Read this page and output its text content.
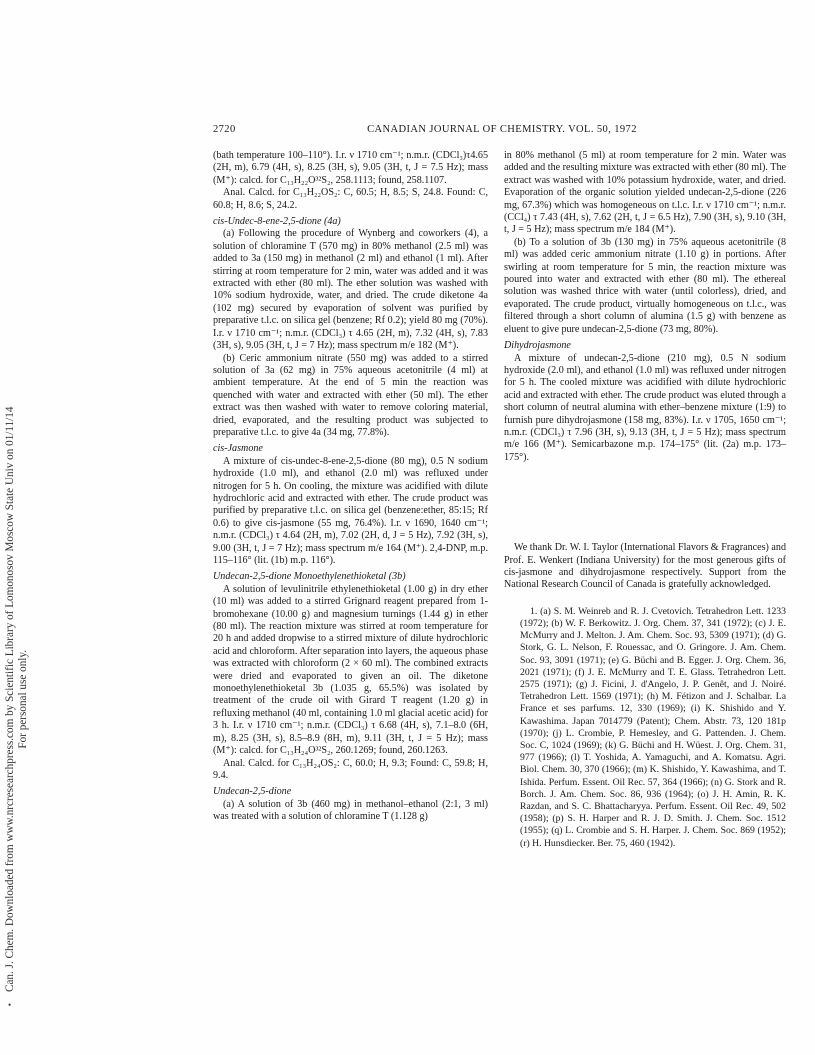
Can. J. Chem. Downloaded from www.nrcresearchpress.com by Scientific Library of Lomonosov Moscow State Univ on 01/11/14 For personal use only.
•
2720	CANADIAN JOURNAL OF CHEMISTRY. VOL. 50, 1972

(bath temperature 100–110°). I.r. ν 1710 cm⁻¹; n.m.r. (CDCl₃)τ4.65 (2H, m), 6.79 (4H, s), 8.25 (3H, s), 9.05 (3H, t, J = 7.5 Hz); mass (M⁺): calcd. for C₁₃H₂₂O³²S₂, 258.1113; found, 258.1107.

Anal. Calcd. for C₁₃H₂₂OS₂: C, 60.5; H, 8.5; S, 24.8. Found: C, 60.8; H, 8.6; S, 24.2.

cis-Undec-8-ene-2,5-dione (4a)

(a) Following the procedure of Wynberg and coworkers (4), a solution of chloramine T (570 mg) in 80% methanol (2.5 ml) was added to 3a (150 mg) in methanol (2 ml) and ethanol (1 ml). After stirring at room temperature for 2 min, water was added and it was extracted with ether (80 ml). The ether solution was washed with 10% sodium hydroxide, water, and dried. The crude diketone 4a (102 mg) secured by evaporation of solvent was purified by preparative t.l.c. on silica gel (benzene; Rf 0.2); yield 80 mg (70%). I.r. ν 1710 cm⁻¹; n.m.r. (CDCl₃) τ 4.65 (2H, m), 7.32 (4H, s), 7.83 (3H, s), 9.05 (3H, t, J = 7 Hz); mass spectrum m/e 182 (M⁺).

(b) Ceric ammonium nitrate (550 mg) was added to a stirred solution of 3a (62 mg) in 75% aqueous acetonitrile (4 ml) at ambient temperature. At the end of 5 min the reaction was quenched with water and extracted with ether (50 ml). The ether extract was then washed with water to remove coloring material, dried, evaporated, and the resulting product was subjected to preparative t.l.c. to give 4a (34 mg, 77.8%).

cis-Jasmone

A mixture of cis-undec-8-ene-2,5-dione (80 mg), 0.5 N sodium hydroxide (1.0 ml), and ethanol (2.0 ml) was refluxed under nitrogen for 5 h. On cooling, the mixture was acidified with dilute hydrochloric acid and extracted with ether. The crude product was purified by preparative t.l.c. on silica gel (benzene:ether, 85:15; Rf 0.6) to give cis-jasmone (55 mg, 76.4%). I.r. ν 1690, 1640 cm⁻¹; n.m.r. (CDCl₃) τ 4.64 (2H, m), 7.02 (2H, d, J = 5 Hz), 7.92 (3H, s), 9.00 (3H, t, J = 7 Hz); mass spectrum m/e 164 (M⁺). 2,4-DNP, m.p. 115–116° (lit. (1b) m.p. 116°).

Undecan-2,5-dione Monoethylenethioketal (3b)

A solution of levulinitrile ethylenethioketal (1.00 g) in dry ether (10 ml) was added to a stirred Grignard reagent prepared from 1-bromohexane (10.00 g) and magnesium turnings (1.44 g) in ether (80 ml). The reaction mixture was stirred at room temperature for 20 h and added dropwise to a stirred mixture of dilute hydrochloric acid and chloroform. After separation into layers, the aqueous phase was extracted with chloroform (2 × 60 ml). The combined extracts were dried and evaporated to given an oil. The diketone monoethylenethioketal 3b (1.035 g, 65.5%) was isolated by treatment of the crude oil with Girard T reagent (1.20 g) in refluxing methanol (40 ml, containing 1.0 ml glacial acetic acid) for 3 h. I.r. ν 1710 cm⁻¹; n.m.r. (CDCl₃) τ 6.68 (4H, s), 7.1–8.0 (6H, m), 8.25 (3H, s), 8.5–8.9 (8H, m), 9.11 (3H, t, J = 5 Hz); mass (M⁺): calcd. for C₁₃H₂₄O³²S₂, 260.1269; found, 260.1263.

Anal. Calcd. for C₁₃H₂₄OS₂: C, 60.0; H, 9.3; Found: C, 59.8; H, 9.4.

Undecan-2,5-dione

(a) A solution of 3b (460 mg) in methanol–ethanol (2:1, 3 ml) was treated with a solution of chloramine T (1.128 g)

in 80% methanol (5 ml) at room temperature for 2 min. Water was added and the resulting mixture was extracted with ether (80 ml). The extract was washed with 10% potassium hydroxide, water, and dried. Evaporation of the organic solution yielded undecan-2,5-dione (226 mg, 67.3%) which was homogeneous on t.l.c. I.r. ν 1710 cm⁻¹; n.m.r. (CCl₄) τ 7.43 (4H, s), 7.62 (2H, t, J = 6.5 Hz), 7.90 (3H, s), 9.10 (3H, t, J = 5 Hz); mass spectrum m/e 184 (M⁺).

(b) To a solution of 3b (130 mg) in 75% aqueous acetonitrile (8 ml) was added ceric ammonium nitrate (1.10 g) in portions. After swirling at room temperature for 5 min, the reaction mixture was poured into water and extracted with ether (80 ml). The ethereal solution was washed thrice with water (until colorless), dried, and evaporated. The crude product, virtually homogeneous on t.l.c., was filtered through a short column of alumina (1.5 g) with benzene as eluent to give pure undecan-2,5-dione (73 mg, 80%).

Dihydrojasmone

A mixture of undecan-2,5-dione (210 mg), 0.5 N sodium hydroxide (2.0 ml), and ethanol (1.0 ml) was refluxed under nitrogen for 5 h. The cooled mixture was acidified with dilute hydrochloric acid and extracted with ether. The crude product was eluted through a short column of neutral alumina with ether–benzene mixture (1:9) to furnish pure dihydrojasmone (158 mg, 83%). I.r. ν 1705, 1650 cm⁻¹; n.m.r. (CDCl₃) τ 7.96 (3H, s), 9.13 (3H, t, J = 5 Hz); mass spectrum m/e 166 (M⁺). Semicarbazone m.p. 174–175° (lit. (2a) m.p. 173–175°).

We thank Dr. W. I. Taylor (International Flavors & Fragrances) and Prof. E. Wenkert (Indiana University) for the most generous gifts of cis-jasmone and dihydrojasmone respectively. Support from the National Research Council of Canada is gratefully acknowledged.

1. (a) S. M. Weinreb and R. J. Cvetovich. Tetrahedron Lett. 1233 (1972); (b) W. F. Berkowitz. J. Org. Chem. 37, 341 (1972); (c) J. E. McMurry and J. Melton. J. Am. Chem. Soc. 93, 5309 (1971); (d) G. Stork, G. L. Nelson, F. Rouessac, and O. Gringore. J. Am. Chem. Soc. 93, 3091 (1971); (e) G. Büchi and B. Egger. J. Org. Chem. 36, 2021 (1971); (f) J. E. McMurry and T. E. Glass. Tetrahedron Lett. 2575 (1971); (g) J. Ficini, J. d'Angelo, J. P. Genêt, and J. Noiré. Tetrahedron Lett. 1569 (1971); (h) M. Fétizon and J. Schalbar. La France et ses parfums. 12, 330 (1969); (i) K. Shishido and Y. Kawashima. Japan 7014779 (Patent); Chem. Abstr. 73, 120 181p (1970); (j) L. Crombie, P. Hemesley, and G. Pattenden. J. Chem. Soc. C, 1024 (1969); (k) G. Büchi and H. Wüest. J. Org. Chem. 31, 977 (1966); (l) T. Yoshida, A. Yamaguchi, and A. Komatsu. Agri. Biol. Chem. 30, 370 (1966); (m) K. Shishido, Y. Kawashima, and T. Ishida. Perfum. Essent. Oil Rec. 57, 364 (1966); (n) G. Stork and R. Borch. J. Am. Chem. Soc. 86, 936 (1964); (o) J. H. Amin, R. K. Razdan, and S. C. Bhattacharyya. Perfum. Essent. Oil Rec. 49, 502 (1958); (p) S. H. Harper and R. J. D. Smith. J. Chem. Soc. 1512 (1955); (q) L. Crombie and S. H. Harper. J. Chem. Soc. 869 (1952); (r) H. Hunsdiecker. Ber. 75, 460 (1942).
